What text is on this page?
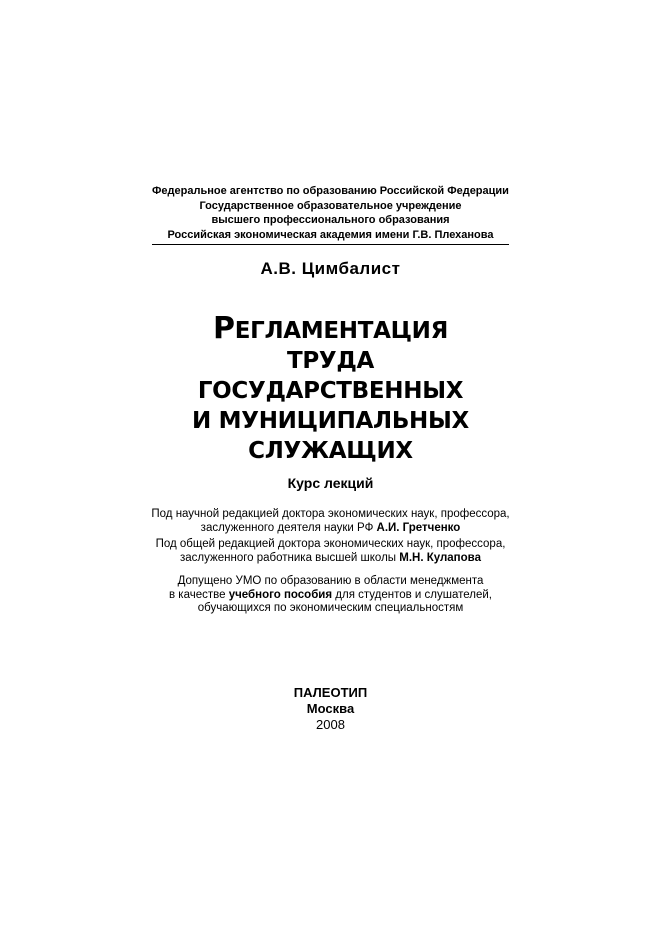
Федеральное агентство по образованию Российской Федерации
Государственное образовательное учреждение
высшего профессионального образования
Российская экономическая академия имени Г.В. Плеханова
А.В. Цимбалист
РЕГЛАМЕНТАЦИЯ
ТРУДА
ГОСУДАРСТВЕННЫХ
И МУНИЦИПАЛЬНЫХ
СЛУЖАЩИХ
Курс лекций
Под научной редакцией доктора экономических наук, профессора,
заслуженного деятеля науки РФ А.И. Гретченко
Под общей редакцией доктора экономических наук, профессора,
заслуженного работника высшей школы М.Н. Кулапова
Допущено УМО по образованию в области менеджмента
в качестве учебного пособия для студентов и слушателей,
обучающихся по экономическим специальностям
ПАЛЕОТИП
Москва
2008
